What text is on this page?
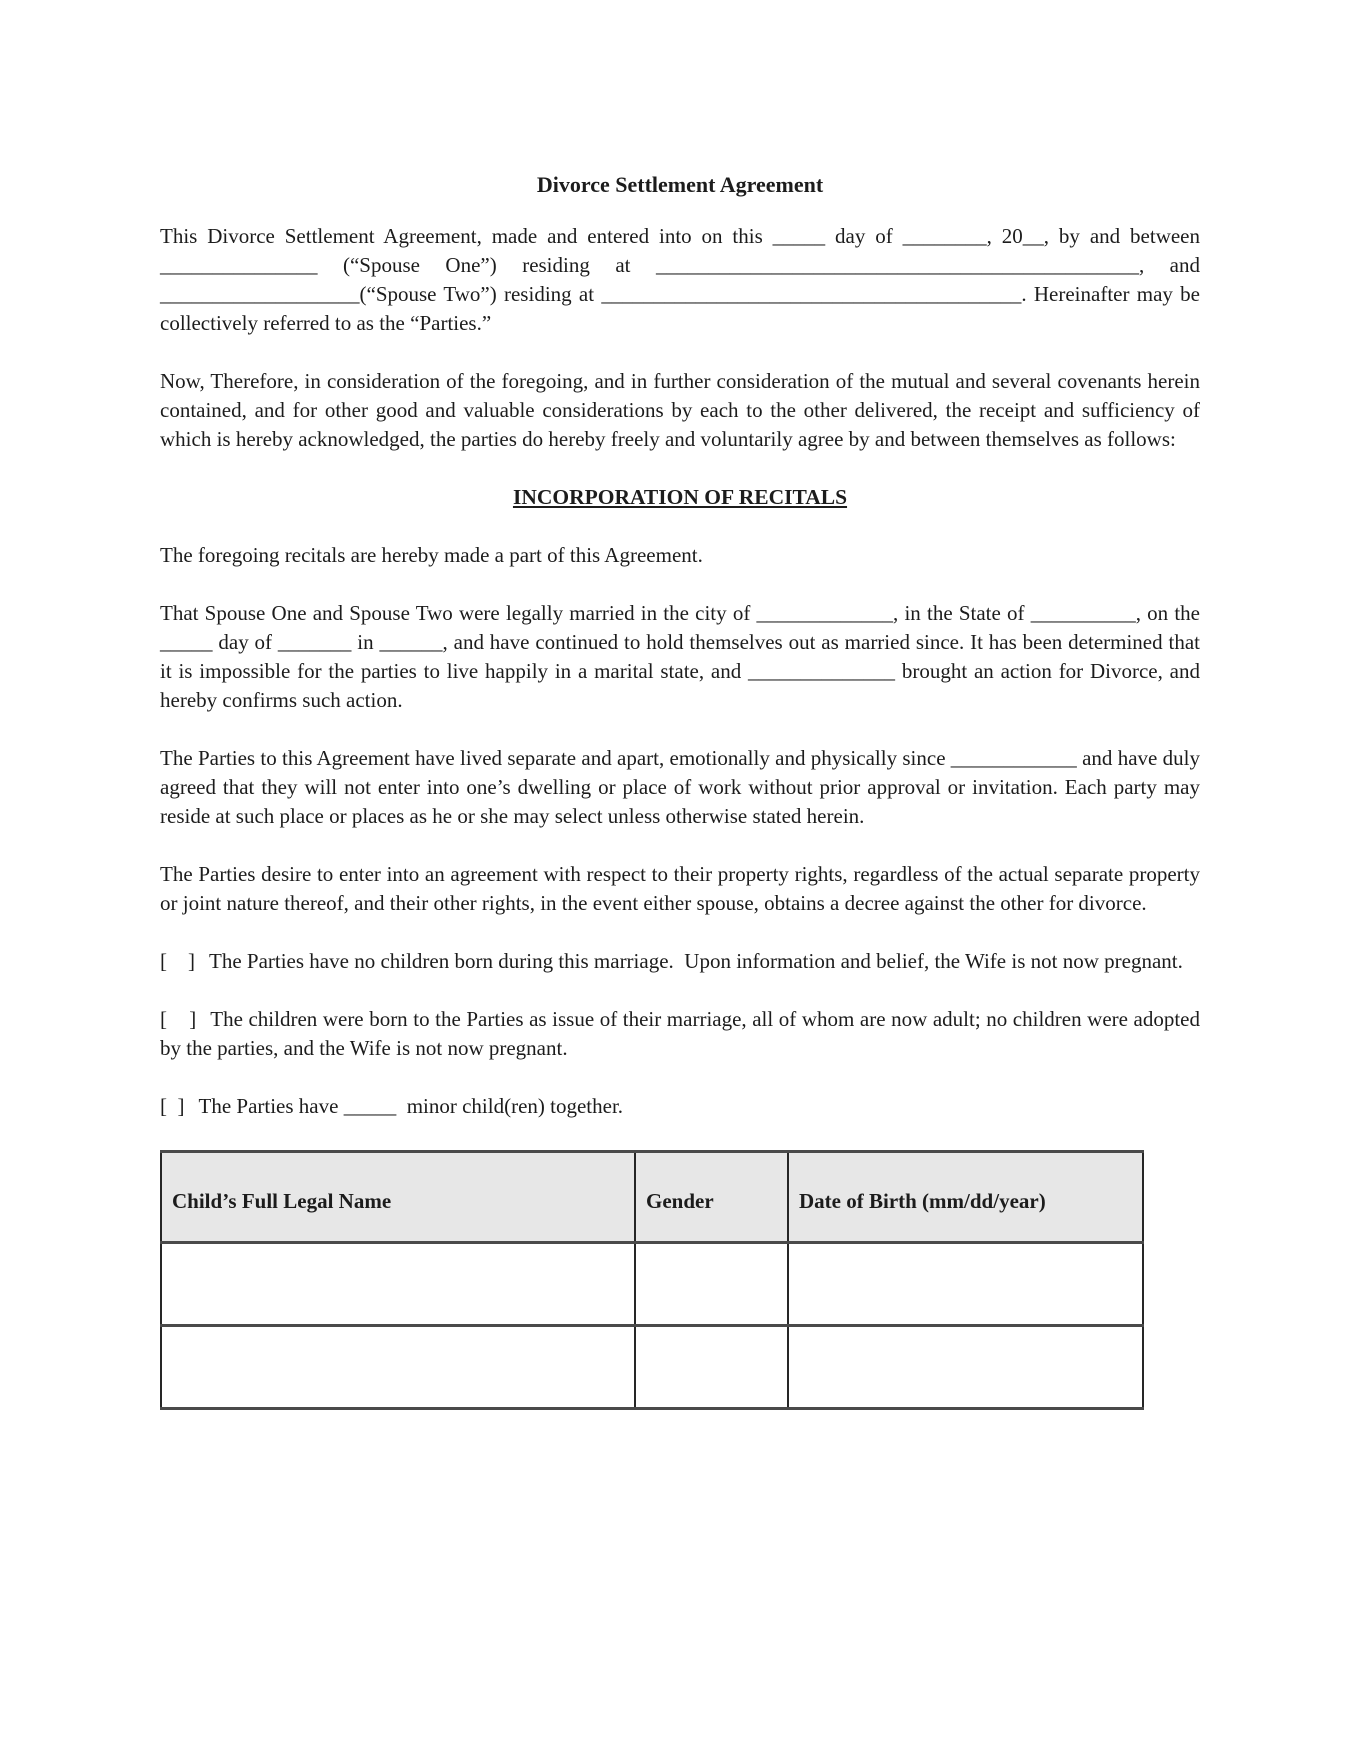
Divorce Settlement Agreement

This Divorce Settlement Agreement, made and entered into on this _____ day of ________, 20__, by and between _______________ (“Spouse One”) residing at ______________________________________________, and ___________________(“Spouse Two”) residing at ________________________________________. Hereinafter may be collectively referred to as the “Parties.”

Now, Therefore, in consideration of the foregoing, and in further consideration of the mutual and several covenants herein contained, and for other good and valuable considerations by each to the other delivered, the receipt and sufficiency of which is hereby acknowledged, the parties do hereby freely and voluntarily agree by and between themselves as follows:

INCORPORATION OF RECITALS

The foregoing recitals are hereby made a part of this Agreement.

That Spouse One and Spouse Two were legally married in the city of _____________, in the State of __________, on the _____ day of _______ in ______, and have continued to hold themselves out as married since. It has been determined that it is impossible for the parties to live happily in a marital state, and ______________ brought an action for Divorce, and hereby confirms such action.

The Parties to this Agreement have lived separate and apart, emotionally and physically since ____________ and have duly agreed that they will not enter into one’s dwelling or place of work without prior approval or invitation. Each party may reside at such place or places as he or she may select unless otherwise stated herein.

The Parties desire to enter into an agreement with respect to their property rights, regardless of the actual separate property or joint nature thereof, and their other rights, in the event either spouse, obtains a decree against the other for divorce.

[    ] The Parties have no children born during this marriage.  Upon information and belief, the Wife is not now pregnant.

[    ] The children were born to the Parties as issue of their marriage, all of whom are now adult; no children were adopted by the parties, and the Wife is not now pregnant.

[  ] The Parties have _____  minor child(ren) together.

Child’s Full Legal Name	Gender	Date of Birth (mm/dd/year)
